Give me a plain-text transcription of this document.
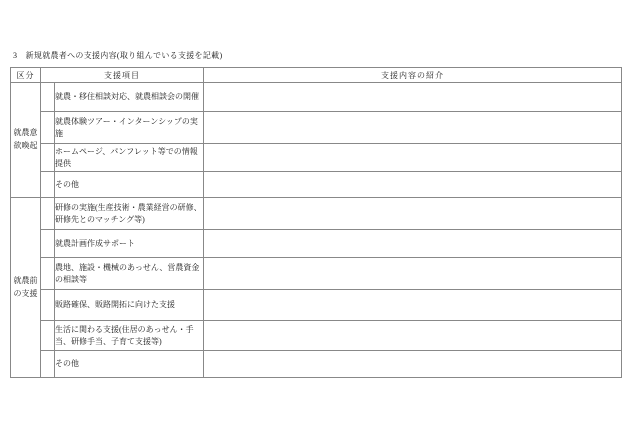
3　新規就農者への支援内容(取り組んでいる支援を記載)
区分	支援項目		支援内容の紹介
就農意欲喚起		就農・移住相談対応、就農相談会の開催	
		就農体験ツアー・インターンシップの実施	
		ホームページ、パンフレット等での情報提供	
		その他	
就農前の支援		研修の実施(生産技術・農業経営の研修、研修先とのマッチング等)	
		就農計画作成サポート	
		農地、施設・機械のあっせん、営農資金の相談等	
		販路確保、販路開拓に向けた支援	
		生活に関わる支援(住居のあっせん・手当、研修手当、子育て支援等)	
		その他	
